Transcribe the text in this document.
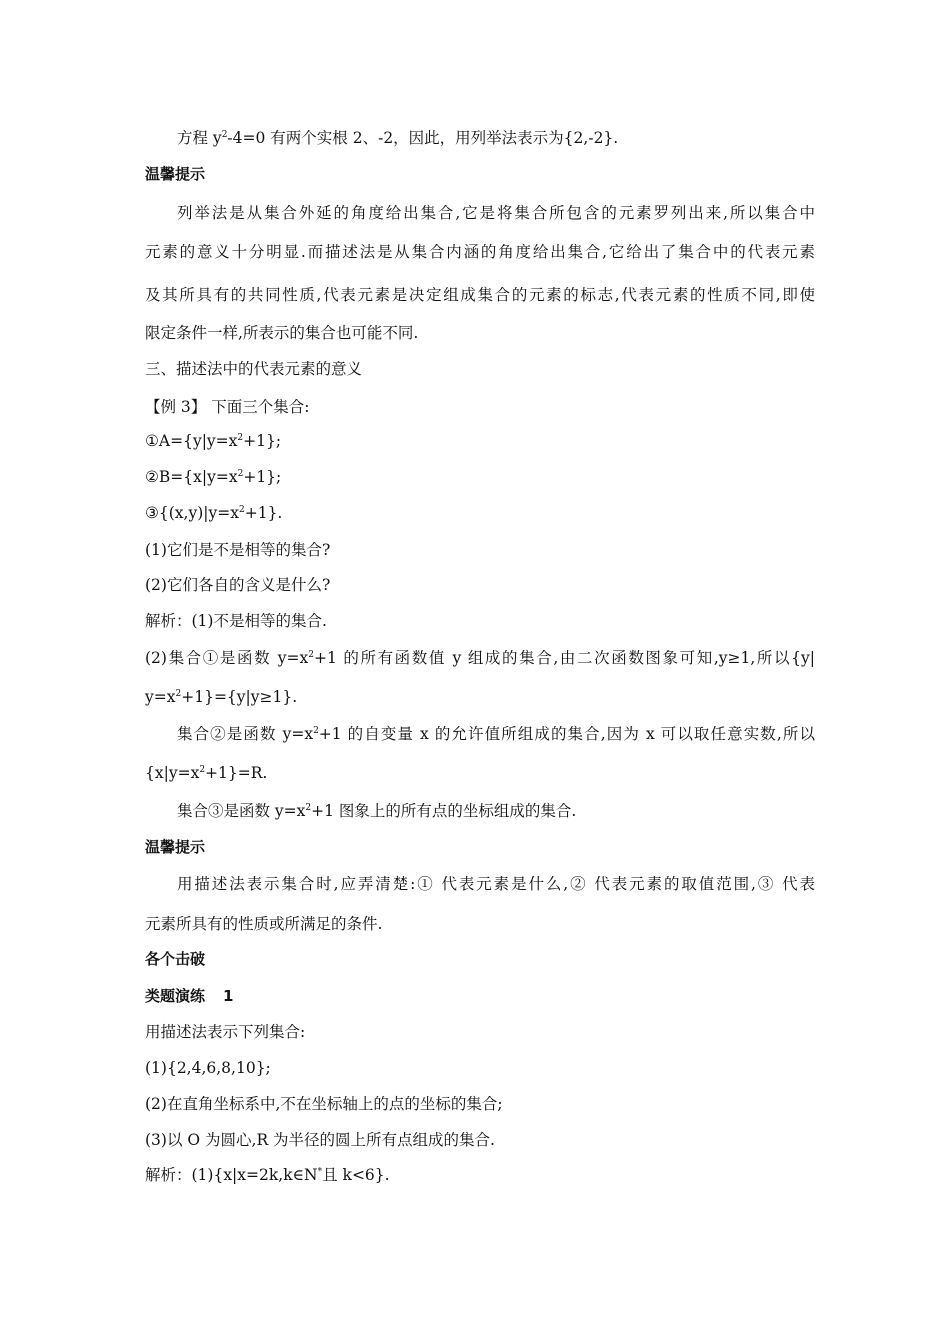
方程 $y^2-4=0$ 有两个实根 2、-2，因此，用列举法表示为{2,-2}.
温馨提示
列举法是从集合外延的角度给出集合,它是将集合所包含的元素罗列出来,所以集合中
元素的意义十分明显.而描述法是从集合内涵的角度给出集合,它给出了集合中的代表元素
及其所具有的共同性质,代表元素是决定组成集合的元素的标志,代表元素的性质不同,即使
限定条件一样,所表示的集合也可能不同.
三、描述法中的代表元素的意义
【例 3】 下面三个集合:
$①A=\{y|y=x^2+1\}$;
$②B=\{x|y=x^2+1\}$;
$③\{(x,y)|y=x^2+1\}$.
(1)它们是不是相等的集合?
(2)它们各自的含义是什么?
解析：(1)不是相等的集合.
(2)集合①是函数 $y=x^2+1$ 的所有函数值 y 组成的集合,由二次函数图象可知,y≥1,所以{y|
$y=x^2+1\}=\{y|y\ge 1\}$.
集合②是函数 $y=x^2+1$ 的自变量 x 的允许值所组成的集合,因为 x 可以取任意实数,所以
$\{x|y=x^2+1\}=R$.
集合③是函数 $y=x^2+1$ 图象上的所有点的坐标组成的集合.
温馨提示
用描述法表示集合时,应弄清楚:① 代表元素是什么,② 代表元素的取值范围,③ 代表
元素所具有的性质或所满足的条件.
各个击破
类题演练 1
用描述法表示下列集合:
(1){2,4,6,8,10};
(2)在直角坐标系中,不在坐标轴上的点的坐标的集合;
(3)以 O 为圆心,R 为半径的圆上所有点组成的集合.
解析：(1){x|x=2k,k∈N*且 k<6}.
